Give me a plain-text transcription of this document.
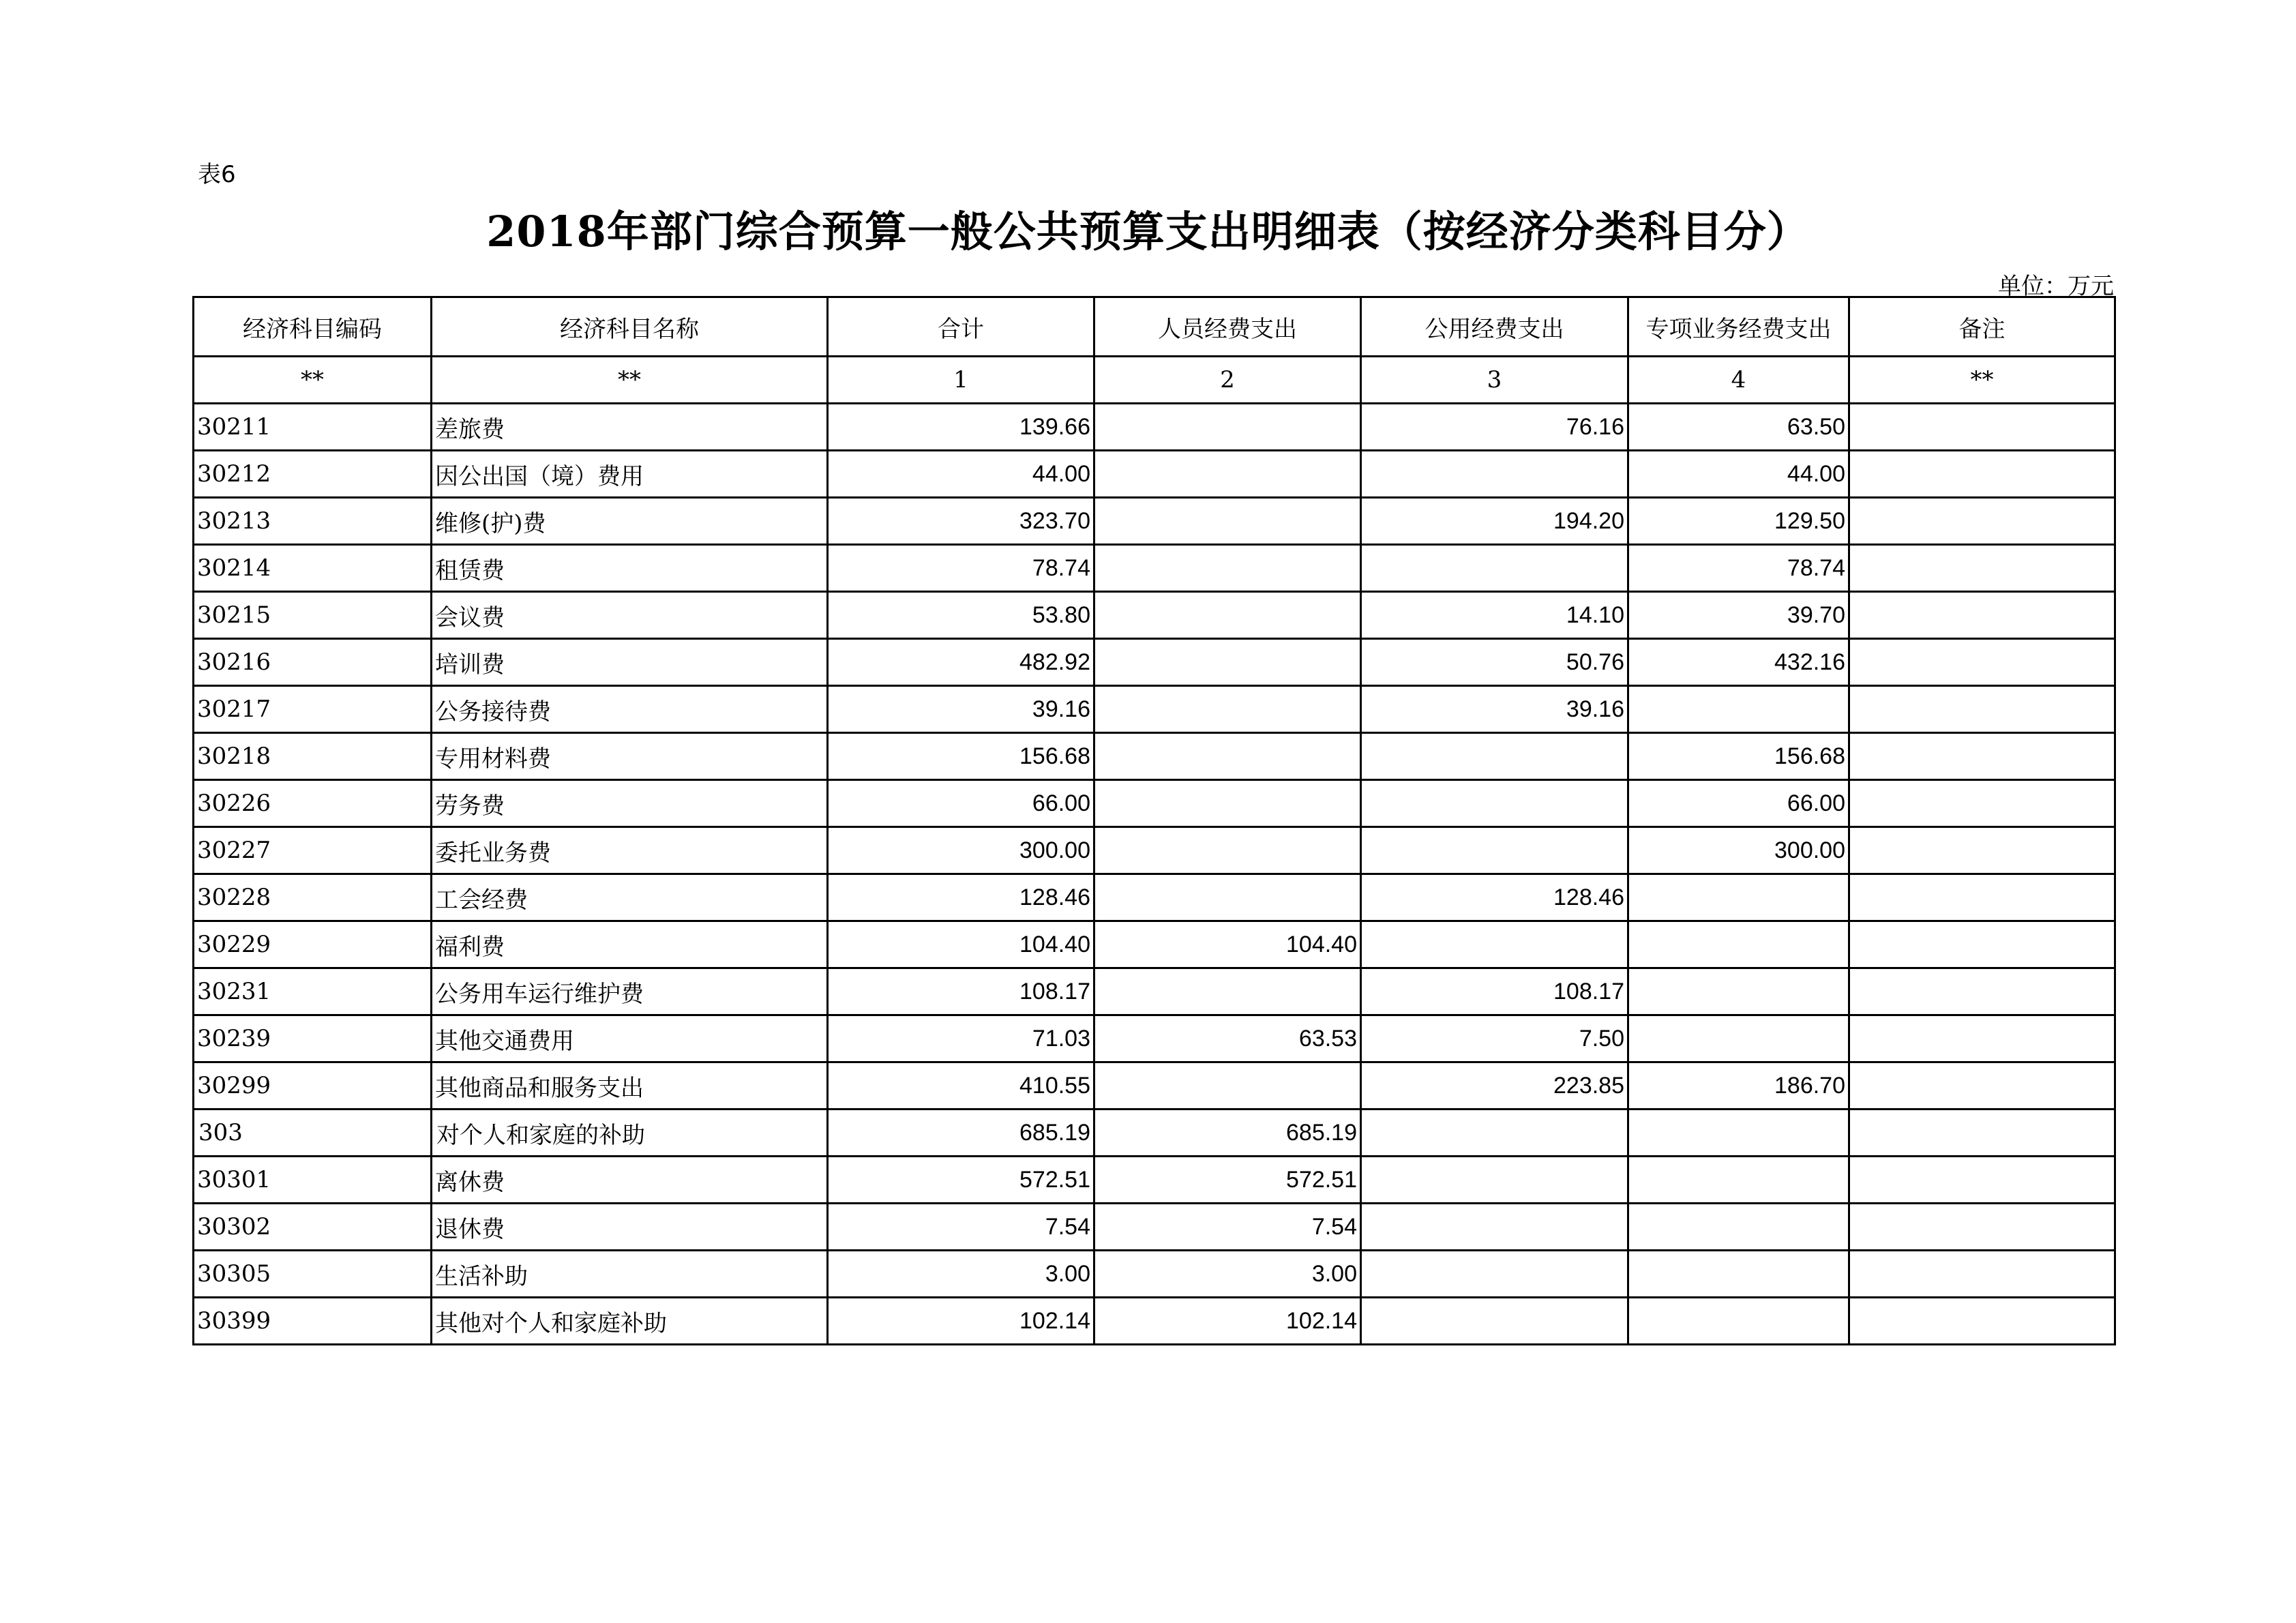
表6
2018年部门综合预算一般公共预算支出明细表（按经济分类科目分）
单位：万元
经济科目编码	经济科目名称	合计	人员经费支出	公用经费支出	专项业务经费支出	备注
**	**	1	2	3	4	**
30211	差旅费	139.66		76.16	63.50	
30212	因公出国（境）费用	44.00			44.00	
30213	维修(护)费	323.70		194.20	129.50	
30214	租赁费	78.74			78.74	
30215	会议费	53.80		14.10	39.70	
30216	培训费	482.92		50.76	432.16	
30217	公务接待费	39.16		39.16		
30218	专用材料费	156.68			156.68	
30226	劳务费	66.00			66.00	
30227	委托业务费	300.00			300.00	
30228	工会经费	128.46		128.46		
30229	福利费	104.40	104.40			
30231	公务用车运行维护费	108.17		108.17		
30239	其他交通费用	71.03	63.53	7.50		
30299	其他商品和服务支出	410.55		223.85	186.70	
303	对个人和家庭的补助	685.19	685.19			
30301	离休费	572.51	572.51			
30302	退休费	7.54	7.54			
30305	生活补助	3.00	3.00			
30399	其他对个人和家庭补助	102.14	102.14			
